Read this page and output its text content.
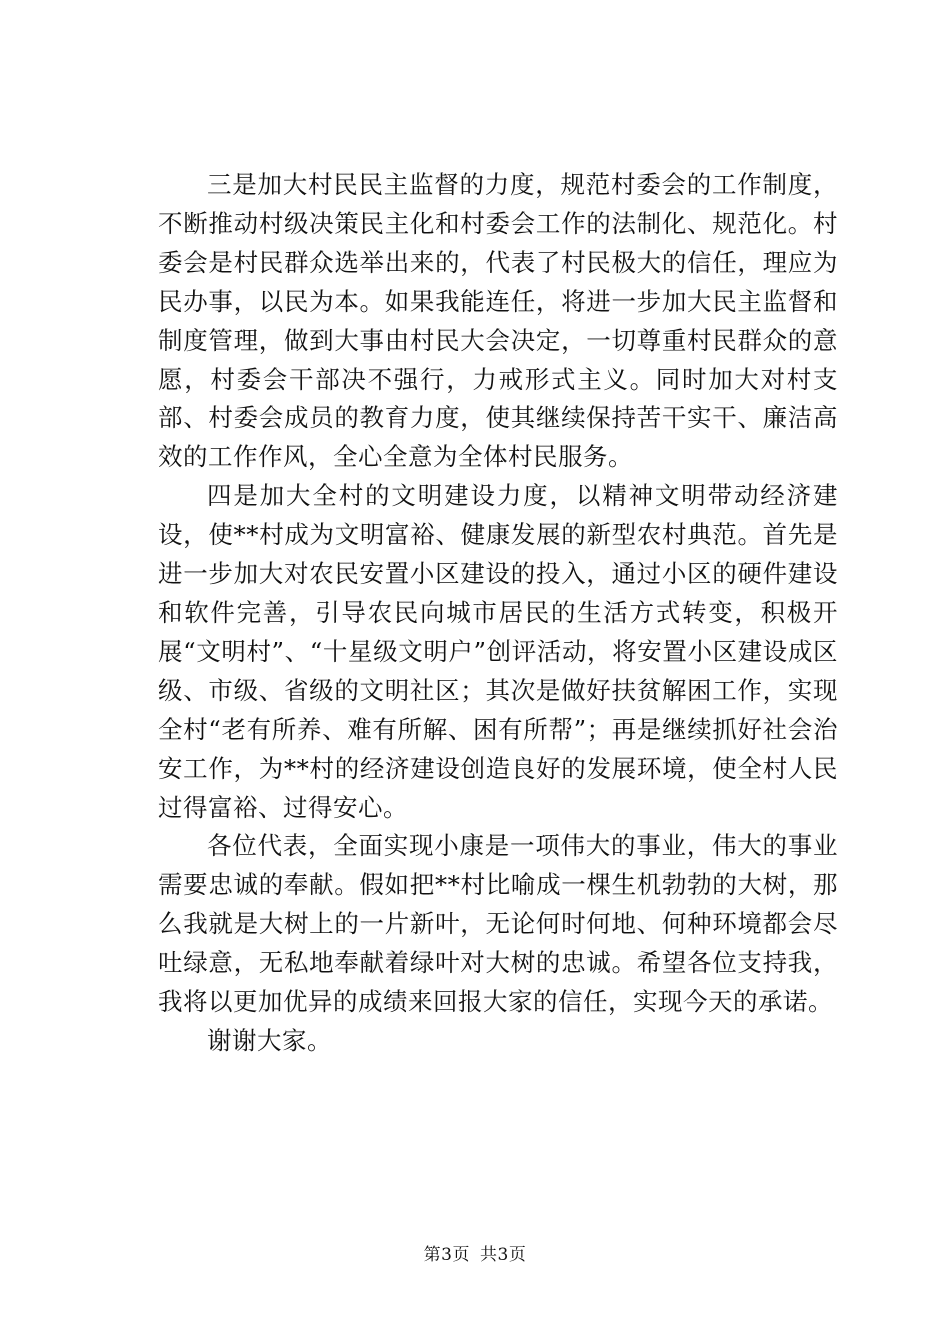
三是加大村民民主监督的力度，规范村委会的工作制度，不断推动村级决策民主化和村委会工作的法制化、规范化。村委会是村民群众选举出来的，代表了村民极大的信任，理应为民办事，以民为本。如果我能连任，将进一步加大民主监督和制度管理，做到大事由村民大会决定，一切尊重村民群众的意愿，村委会干部决不强行，力戒形式主义。同时加大对村支部、村委会成员的教育力度，使其继续保持苦干实干、廉洁高效的工作作风，全心全意为全体村民服务。

四是加大全村的文明建设力度，以精神文明带动经济建设，使**村成为文明富裕、健康发展的新型农村典范。首先是进一步加大对农民安置小区建设的投入，通过小区的硬件建设和软件完善，引导农民向城市居民的生活方式转变，积极开展“文明村”、“十星级文明户”创评活动，将安置小区建设成区级、市级、省级的文明社区；其次是做好扶贫解困工作，实现全村“老有所养、难有所解、困有所帮”；再是继续抓好社会治安工作，为**村的经济建设创造良好的发展环境，使全村人民过得富裕、过得安心。

各位代表，全面实现小康是一项伟大的事业，伟大的事业需要忠诚的奉献。假如把**村比喻成一棵生机勃勃的大树，那么我就是大树上的一片新叶，无论何时何地、何种环境都会尽吐绿意，无私地奉献着绿叶对大树的忠诚。希望各位支持我，我将以更加优异的成绩来回报大家的信任，实现今天的承诺。

谢谢大家。

第3页 共3页
